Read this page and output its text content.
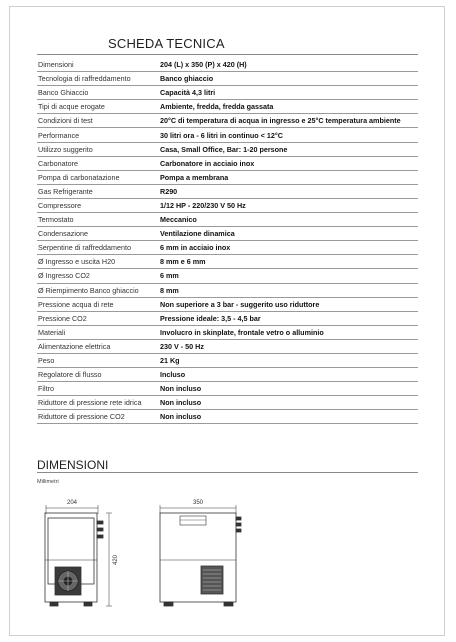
SCHEDA TECNICA
Dimensioni	204 (L) x 350 (P) x 420 (H)
Tecnologia di raffreddamento	Banco ghiaccio
Banco Ghiaccio	Capacità 4,3 litri
Tipi di acque erogate	Ambiente, fredda, fredda gassata
Condizioni di test	20°C di temperatura di acqua in ingresso e 25°C temperatura ambiente
Performance	30 litri ora - 6 litri in continuo < 12°C
Utilizzo suggerito	Casa, Small Office, Bar: 1-20 persone
Carbonatore	Carbonatore in acciaio inox
Pompa di carbonatazione	Pompa a membrana
Gas Refrigerante	R290
Compressore	1/12 HP - 220/230 V 50 Hz
Termostato	Meccanico
Condensazione	Ventilazione dinamica
Serpentine di raffreddamento	6 mm in acciaio inox
Ø Ingresso e uscita H20	8 mm e 6 mm
Ø Ingresso CO2	6 mm
Ø Riempimento Banco ghiaccio	8 mm
Pressione acqua di rete	Non superiore a 3 bar - suggerito uso riduttore
Pressione CO2	Pressione ideale: 3,5 - 4,5 bar
Materiali	Involucro in skinplate, frontale vetro o alluminio
Alimentazione elettrica	230 V - 50 Hz
Peso	21 Kg
Regolatore di flusso	Incluso
Filtro	Non incluso
Riduttore di pressione rete idrica	Non incluso
Riduttore di pressione CO2	Non incluso
DIMENSIONI
Millimetri
204
420
350
